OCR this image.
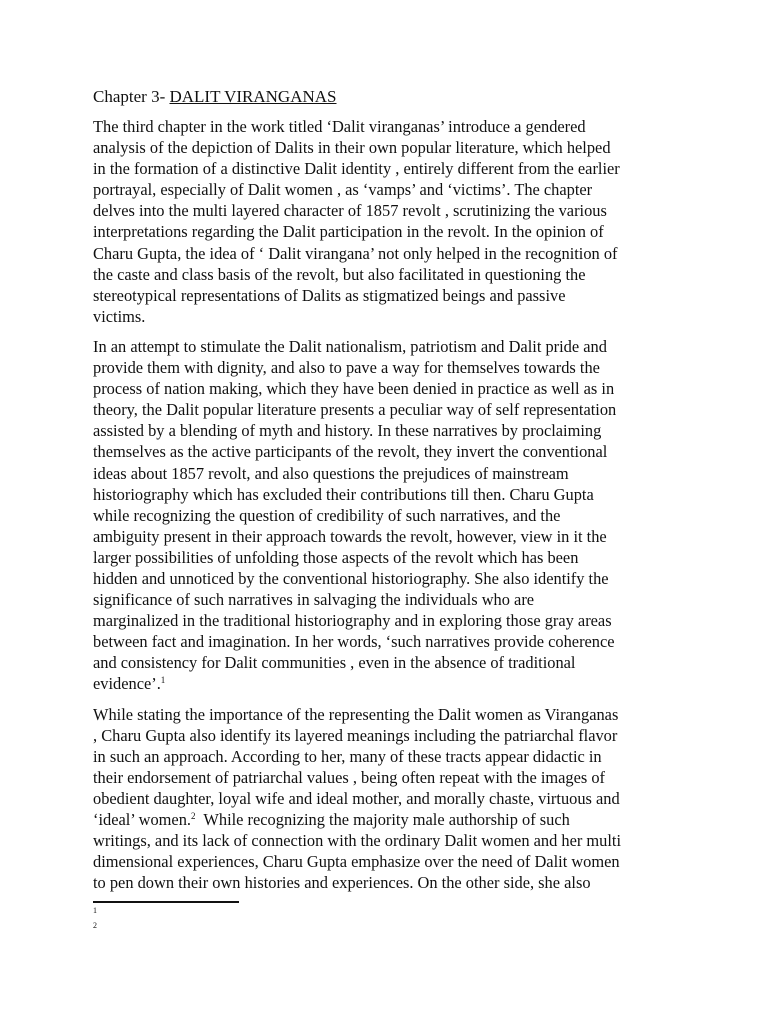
Chapter 3- DALIT VIRANGANAS

The third chapter in the work titled ‘Dalit viranganas’ introduce a gendered
analysis of the depiction of Dalits in their own popular literature, which helped
in the formation of a distinctive Dalit identity , entirely different from the earlier
portrayal, especially of Dalit women , as ‘vamps’ and ‘victims’. The chapter
delves into the multi layered character of 1857 revolt , scrutinizing the various
interpretations regarding the Dalit participation in the revolt. In the opinion of
Charu Gupta, the idea of ‘ Dalit virangana’ not only helped in the recognition of
the caste and class basis of the revolt, but also facilitated in questioning the
stereotypical representations of Dalits as stigmatized beings and passive
victims.

In an attempt to stimulate the Dalit nationalism, patriotism and Dalit pride and
provide them with dignity, and also to pave a way for themselves towards the
process of nation making, which they have been denied in practice as well as in
theory, the Dalit popular literature presents a peculiar way of self representation
assisted by a blending of myth and history. In these narratives by proclaiming
themselves as the active participants of the revolt, they invert the conventional
ideas about 1857 revolt, and also questions the prejudices of mainstream
historiography which has excluded their contributions till then. Charu Gupta
while recognizing the question of credibility of such narratives, and the
ambiguity present in their approach towards the revolt, however, view in it the
larger possibilities of unfolding those aspects of the revolt which has been
hidden and unnoticed by the conventional historiography. She also identify the
significance of such narratives in salvaging the individuals who are
marginalized in the traditional historiography and in exploring those gray areas
between fact and imagination. In her words, ‘such narratives provide coherence
and consistency for Dalit communities , even in the absence of traditional
evidence’.$^1$

While stating the importance of the representing the Dalit women as Viranganas
, Charu Gupta also identify its layered meanings including the patriarchal flavor
in such an approach. According to her, many of these tracts appear didactic in
their endorsement of patriarchal values , being often repeat with the images of
obedient daughter, loyal wife and ideal mother, and morally chaste, virtuous and
‘ideal’ women.$^2$  While recognizing the majority male authorship of such
writings, and its lack of connection with the ordinary Dalit women and her multi
dimensional experiences, Charu Gupta emphasize over the need of Dalit women
to pen down their own histories and experiences. On the other side, she also

1
2
